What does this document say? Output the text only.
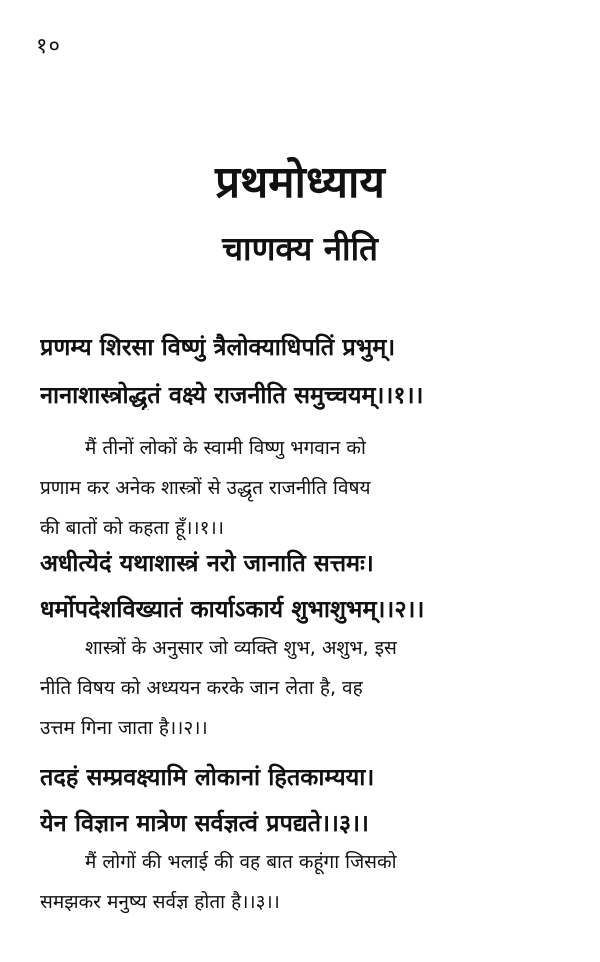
१०
प्रथमोध्याय
चाणक्य नीति
प्रणम्य शिरसा विष्णुं त्रैलोक्याधिपतिं प्रभुम्।
नानाशास्त्रोद्धृतं वक्ष्ये राजनीति समुच्चयम्।।१।।
मैं तीनों लोकों के स्वामी विष्णु भगवान को
प्रणाम कर अनेक शास्त्रों से उद्धृत राजनीति विषय
की बातों को कहता हूँ।।१।।
अधीत्येदं यथाशास्त्रं नरो जानाति सत्तमः।
धर्मोपदेशविख्यातं कार्याऽकार्य शुभाशुभम्।।२।।
शास्त्रों के अनुसार जो व्यक्ति शुभ, अशुभ, इस
नीति विषय को अध्ययन करके जान लेता है, वह
उत्तम गिना जाता है।।२।।
तदहं सम्प्रवक्ष्यामि लोकानां हितकाम्यया।
येन विज्ञान मात्रेण सर्वज्ञत्वं प्रपद्यते।।३।।
मैं लोगों की भलाई की वह बात कहूंगा जिसको
समझकर मनुष्य सर्वज्ञ होता है।।३।।
